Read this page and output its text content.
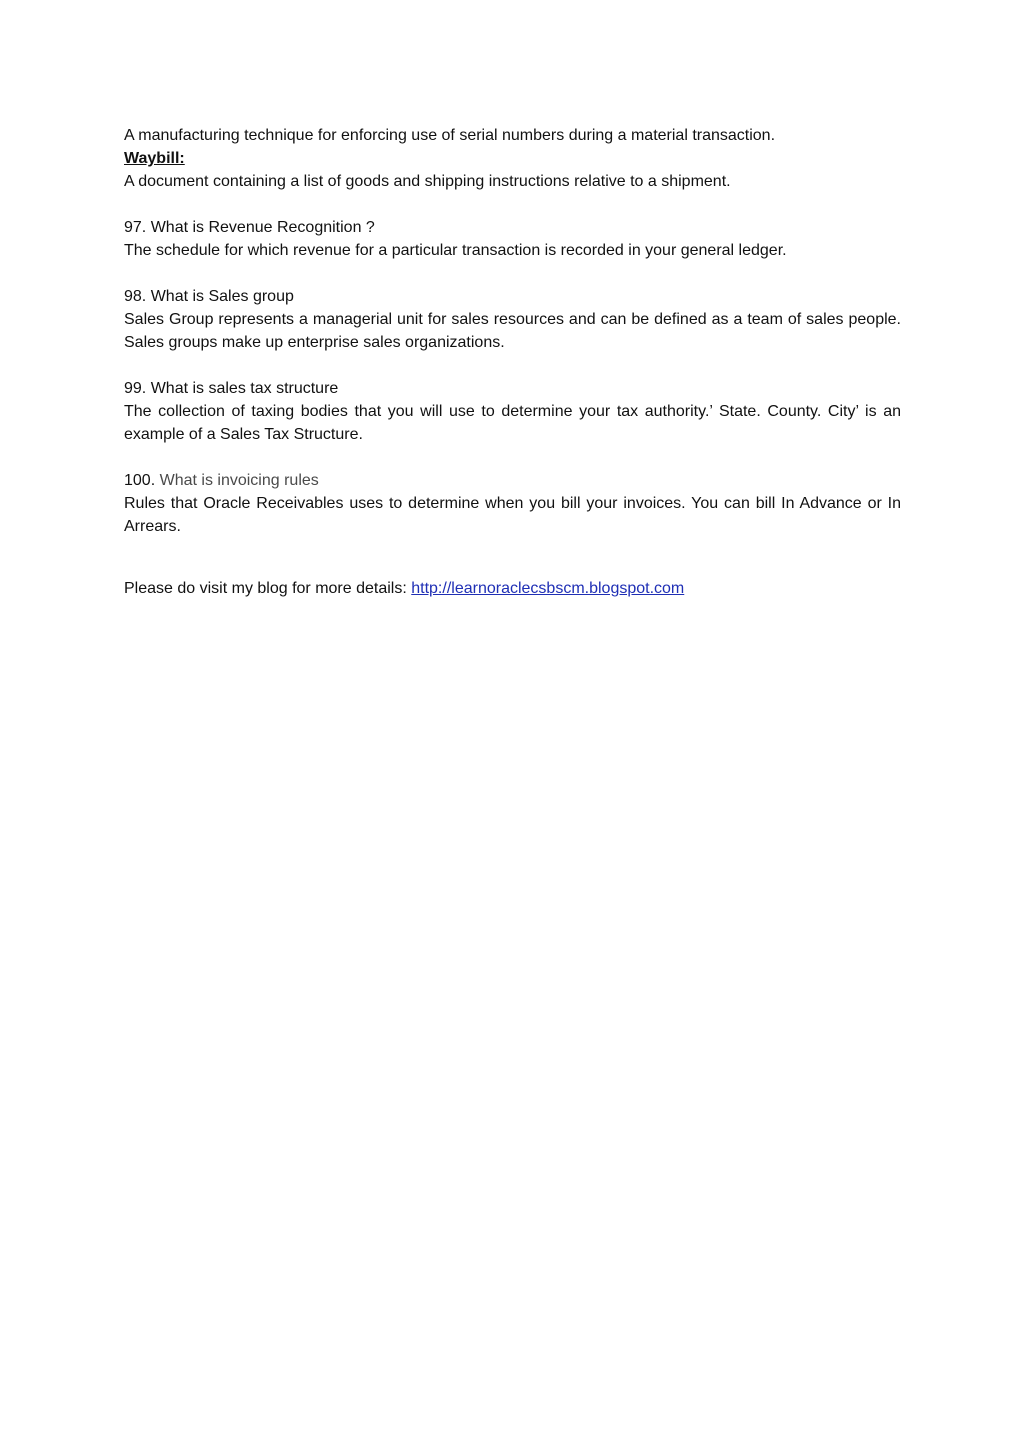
A manufacturing technique for enforcing use of serial numbers during a material transaction.
Waybill:
A document containing a list of goods and shipping instructions relative to a shipment.
97. What is Revenue Recognition ?
The schedule for which revenue for a particular transaction is recorded in your general ledger.
98. What is Sales group
Sales Group represents a managerial unit for sales resources and can be defined as a team of sales people. Sales groups make up enterprise sales organizations.
99. What is sales tax structure
The collection of taxing bodies that you will use to determine your tax authority.’ State. County. City’ is an example of a Sales Tax Structure.
100. What is invoicing rules
Rules that Oracle Receivables uses to determine when you bill your invoices. You can bill In Advance or In Arrears.
Please do visit my blog for more details: http://learnoraclecsbscm.blogspot.com
